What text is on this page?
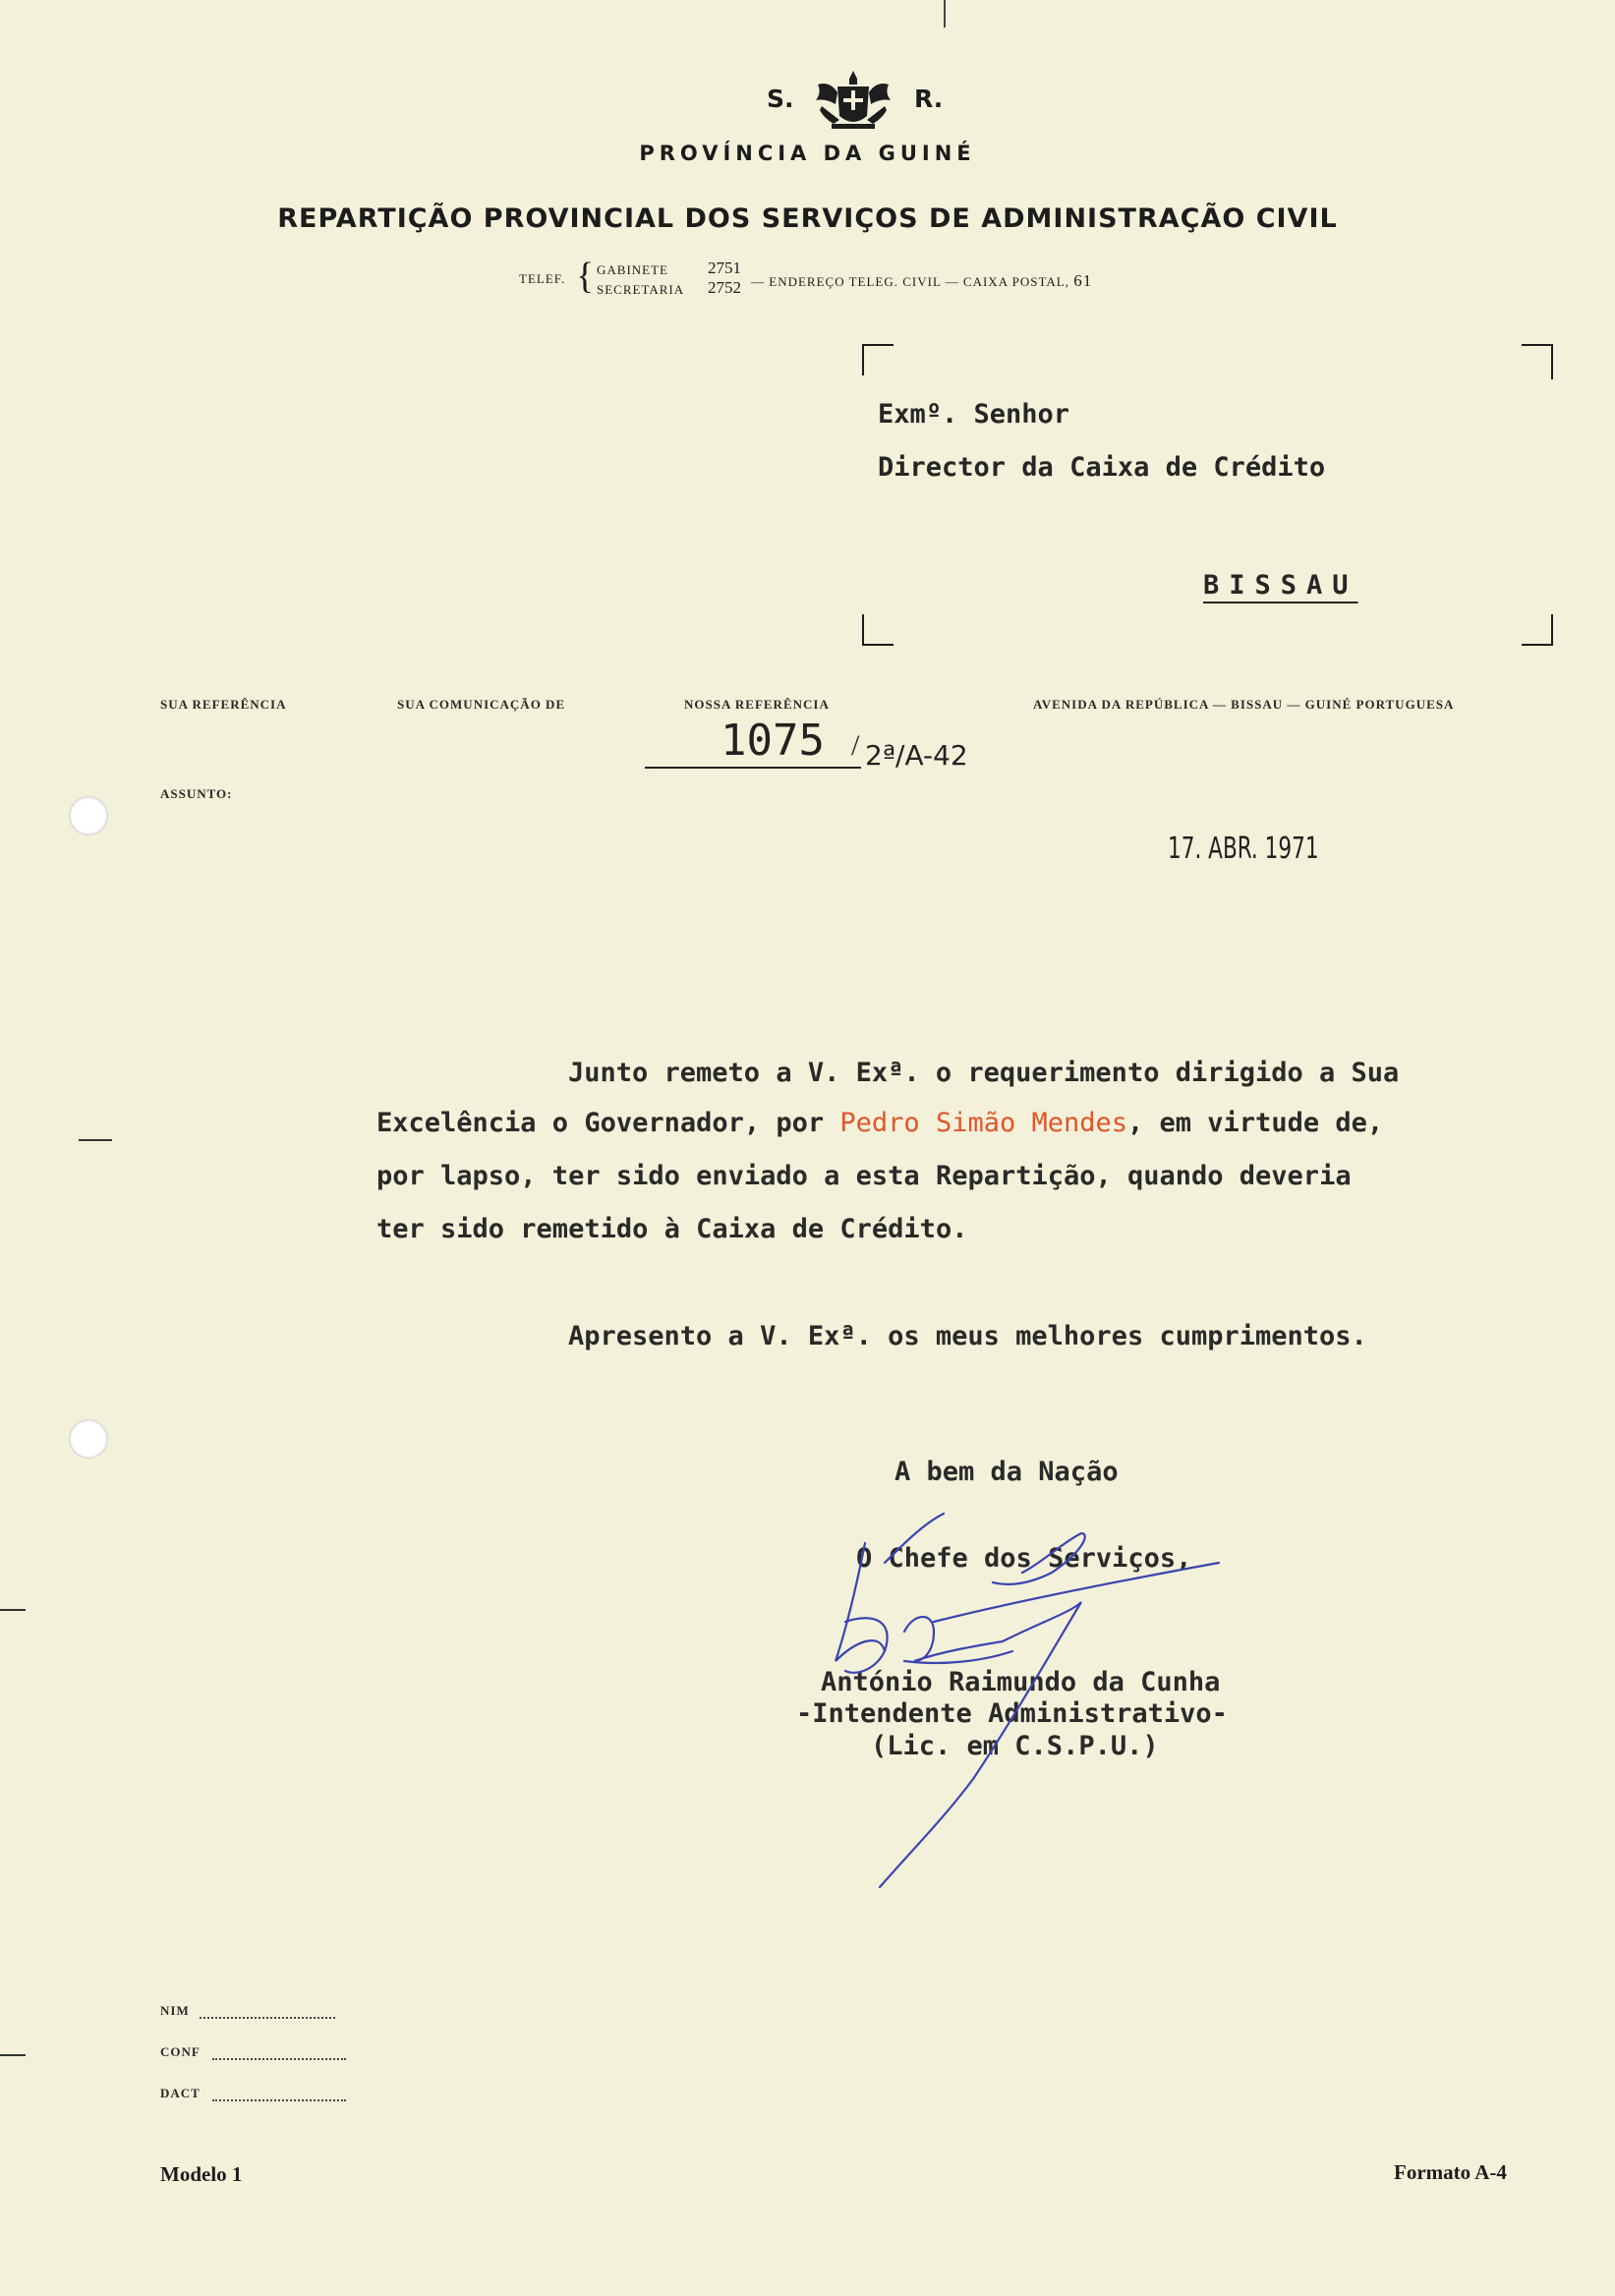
S.	R.
PROVÍNCIA DA GUINÉ
REPARTIÇÃO PROVINCIAL DOS SERVIÇOS DE ADMINISTRAÇÃO CIVIL
TELEF. { GABINETE 2751
SECRETARIA 2752 — ENDEREÇO TELEG. CIVIL — CAIXA POSTAL, 61
Exmº. Senhor
Director da Caixa de Crédito
BISSAU
SUA REFERÊNCIA	SUA COMUNICAÇÃO DE	NOSSA REFERÊNCIA	AVENIDA DA REPÚBLICA — BISSAU — GUINÉ PORTUGUESA
1075 / 2ª/A-42
ASSUNTO:
17. ABR. 1971
Junto remeto a V. Exª. o requerimento dirigido a Sua
Excelência o Governador, por Pedro Simão Mendes, em virtude de,
por lapso, ter sido enviado a esta Repartição, quando deveria
ter sido remetido à Caixa de Crédito.
Apresento a V. Exª. os meus melhores cumprimentos.
A bem da Nação
O Chefe dos Serviços,
António Raimundo da Cunha
-Intendente Administrativo-
(Lic. em C.S.P.U.)
NIM
CONF
DACT
Modelo 1	Formato A-4
